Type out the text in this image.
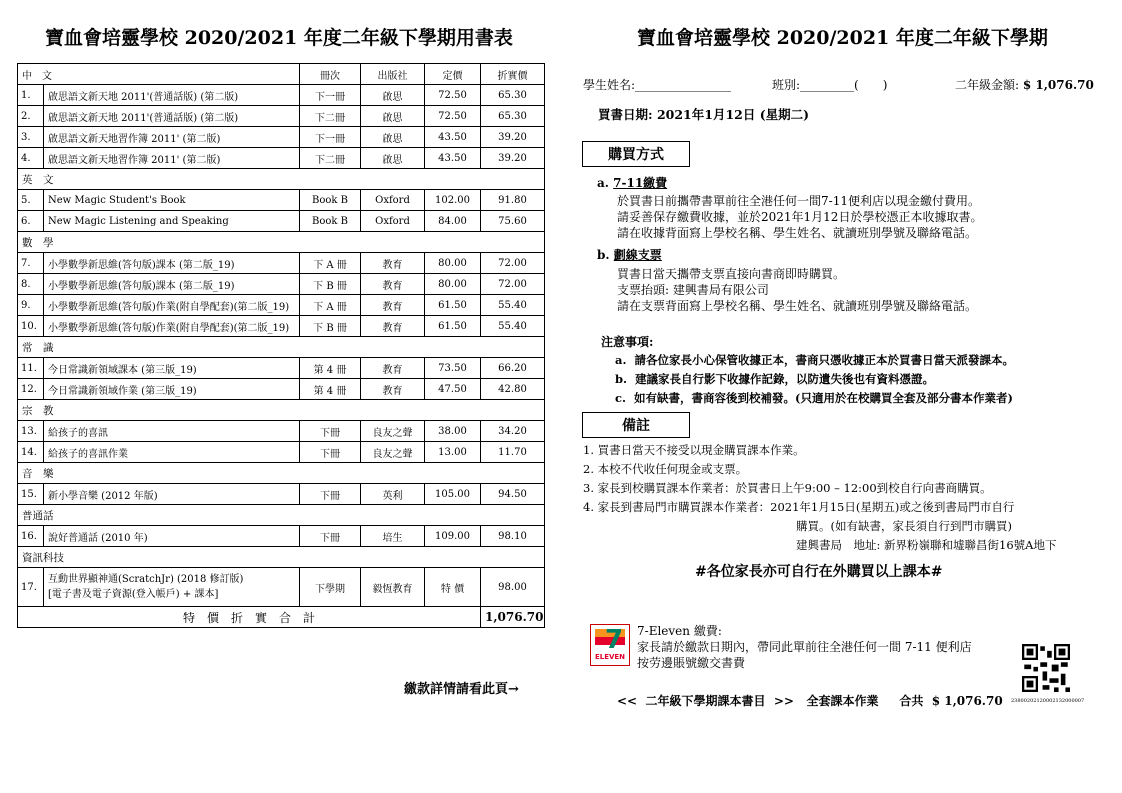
寶血會培靈學校 2020/2021 年度二年級下學期用書表
中　文		冊次	出版社	定價	折實價
1.	啟思語文新天地 2011'(普通話版) (第二版)	下一冊	啟思	72.50	65.30
2.	啟思語文新天地 2011'(普通話版) (第二版)	下二冊	啟思	72.50	65.30
3.	啟思語文新天地習作簿 2011' (第二版)	下一冊	啟思	43.50	39.20
4.	啟思語文新天地習作簿 2011' (第二版)	下二冊	啟思	43.50	39.20
英　文					
5.	New Magic Student's Book	Book B	Oxford	102.00	91.80
6.	New Magic Listening and Speaking	Book B	Oxford	84.00	75.60
數　學					
7.	小學數學新思維(答句版)課本 (第二版_19)	下 A 冊	教育	80.00	72.00
8.	小學數學新思維(答句版)課本 (第二版_19)	下 B 冊	教育	80.00	72.00
9.	小學數學新思維(答句版)作業(附自學配套)(第二版_19)	下 A 冊	教育	61.50	55.40
10.	小學數學新思維(答句版)作業(附自學配套)(第二版_19)	下 B 冊	教育	61.50	55.40
常　識					
11.	今日常識新領域課本 (第三版_19)	第 4 冊	教育	73.50	66.20
12.	今日常識新領域作業 (第三版_19)	第 4 冊	教育	47.50	42.80
宗　教					
13.	給孩子的喜訊	下冊	良友之聲	38.00	34.20
14.	給孩子的喜訊作業	下冊	良友之聲	13.00	11.70
音　樂					
15.	新小學音樂 (2012 年版)	下冊	英利	105.00	94.50
普通話					
16.	說好普通話 (2010 年)	下冊	培生	109.00	98.10
資訊科技					
17.	互動世界顯神通(ScratchJr) (2018 修訂版)
[電子書及電子資源(登入帳戶) + 課本]	下學期	毅恆教育	特 價	98.00
特　價　折　實　合　計					1,076.70
繳款詳情請看此頁→
寶血會培靈學校 2020/2021 年度二年級下學期
學生姓名:________________	班別:_________(　　)	二年級金額: $ 1,076.70
買書日期: 2021年1月12日 (星期二)
購買方式
a. 7-11繳費
於買書日前攜帶書單前往全港任何一間7-11便利店以現金繳付費用。
請妥善保存繳費收據，並於2021年1月12日於學校憑正本收據取書。
請在收據背面寫上學校名稱、學生姓名、就讀班別學號及聯絡電話。
b. 劃線支票
買書日當天攜帶支票直接向書商即時購買。
支票抬頭: 建興書局有限公司
請在支票背面寫上學校名稱、學生姓名、就讀班別學號及聯絡電話。
注意事項:
a. 請各位家長小心保管收據正本，書商只憑收據正本於買書日當天派發課本。
b. 建議家長自行影下收據作記錄，以防遺失後也有資料憑證。
c. 如有缺書，書商容後到校補發。(只適用於在校購買全套及部分書本作業者)
備註
1. 買書日當天不接受以現金購買課本作業。
2. 本校不代收任何現金或支票。
3. 家長到校購買課本作業者：於買書日上午9:00 – 12:00到校自行向書商購買。
4. 家長到書局門市購買課本作業者：2021年1月15日(星期五)或之後到書局門市自行
購買。(如有缺書，家長須自行到門市購買)
建興書局　地址: 新界粉嶺聯和墟聯昌街16號A地下
#各位家長亦可自行在外購買以上課本#
7
ELEVEN
7-Eleven 繳費:
家長請於繳款日期內，帶同此單前往全港任何一間 7-11 便利店
按劳邊賬號繳交書費
23800202120002132000007
<<  二年級下學期課本書目  >>   全套課本作業     合共  $ 1,076.70
